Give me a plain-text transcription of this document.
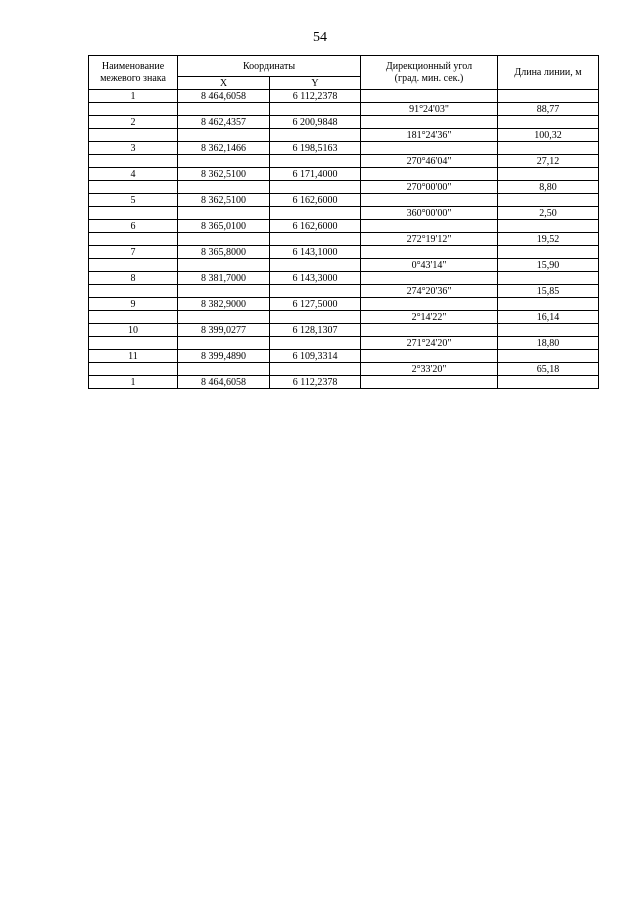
54
Наименование
межевого знака	Координаты		Дирекционный угол
(град. мин. сек.)	Длина линии, м
	X	Y		
1	8 464,6058	6 112,2378		
			91°24'03"	88,77
2	8 462,4357	6 200,9848		
			181°24'36"	100,32
3	8 362,1466	6 198,5163		
			270°46'04"	27,12
4	8 362,5100	6 171,4000		
			270°00'00"	8,80
5	8 362,5100	6 162,6000		
			360°00'00"	2,50
6	8 365,0100	6 162,6000		
			272°19'12"	19,52
7	8 365,8000	6 143,1000		
			0°43'14"	15,90
8	8 381,7000	6 143,3000		
			274°20'36"	15,85
9	8 382,9000	6 127,5000		
			2°14'22"	16,14
10	8 399,0277	6 128,1307		
			271°24'20"	18,80
11	8 399,4890	6 109,3314		
			2°33'20"	65,18
1	8 464,6058	6 112,2378		
